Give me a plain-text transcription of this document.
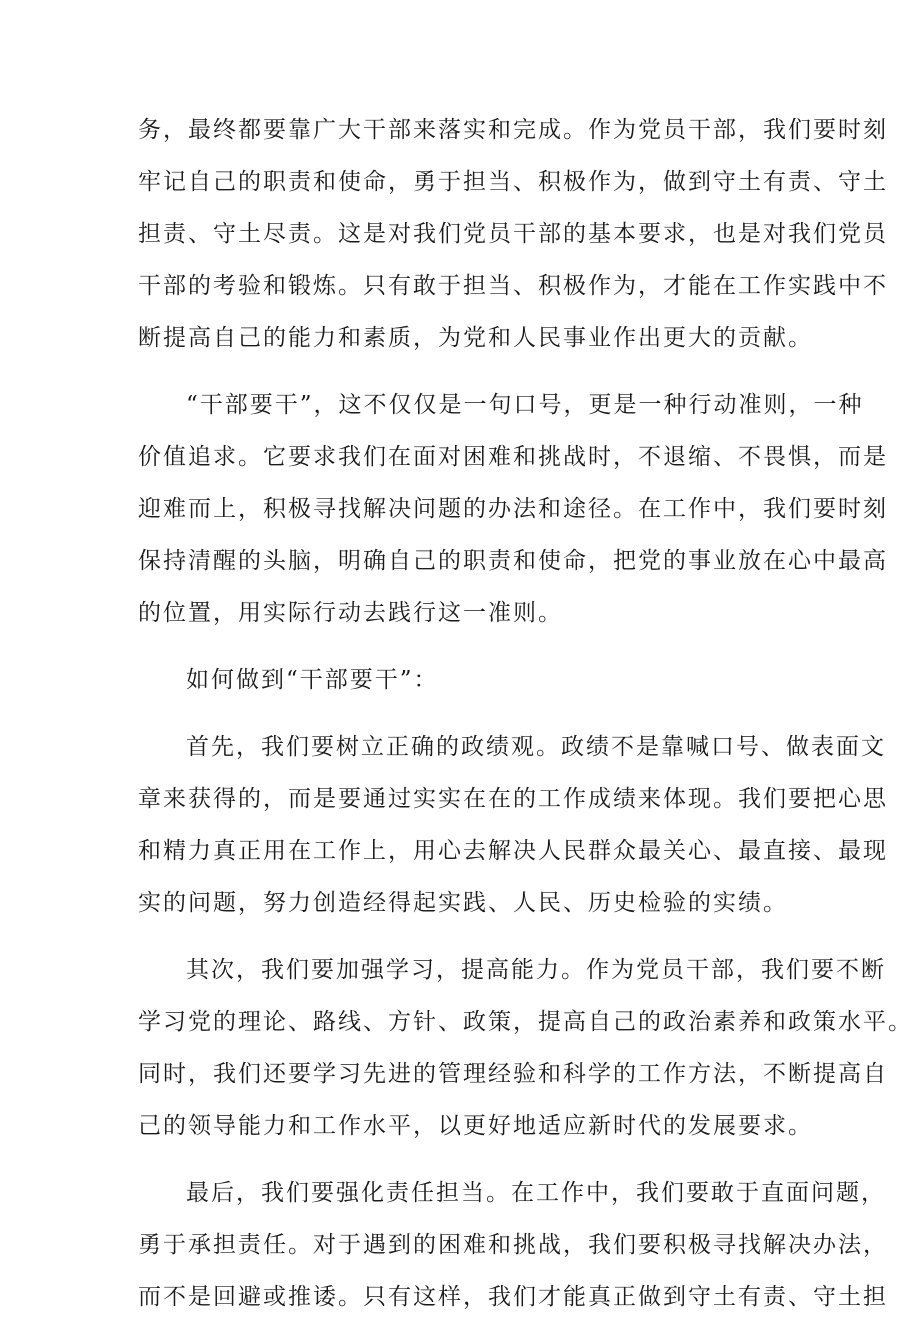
务，最终都要靠广大干部来落实和完成。作为党员干部，我们要时刻
牢记自己的职责和使命，勇于担当、积极作为，做到守土有责、守土
担责、守土尽责。这是对我们党员干部的基本要求，也是对我们党员
干部的考验和锻炼。只有敢于担当、积极作为，才能在工作实践中不
断提高自己的能力和素质，为党和人民事业作出更大的贡献。

“干部要干”，这不仅仅是一句口号，更是一种行动准则，一种
价值追求。它要求我们在面对困难和挑战时，不退缩、不畏惧，而是
迎难而上，积极寻找解决问题的办法和途径。在工作中，我们要时刻
保持清醒的头脑，明确自己的职责和使命，把党的事业放在心中最高
的位置，用实际行动去践行这一准则。

如何做到“干部要干”：

首先，我们要树立正确的政绩观。政绩不是靠喊口号、做表面文
章来获得的，而是要通过实实在在的工作成绩来体现。我们要把心思
和精力真正用在工作上，用心去解决人民群众最关心、最直接、最现
实的问题，努力创造经得起实践、人民、历史检验的实绩。

其次，我们要加强学习，提高能力。作为党员干部，我们要不断
学习党的理论、路线、方针、政策，提高自己的政治素养和政策水平。
同时，我们还要学习先进的管理经验和科学的工作方法，不断提高自
己的领导能力和工作水平，以更好地适应新时代的发展要求。

最后，我们要强化责任担当。在工作中，我们要敢于直面问题，
勇于承担责任。对于遇到的困难和挑战，我们要积极寻找解决办法，
而不是回避或推诿。只有这样，我们才能真正做到守土有责、守土担
